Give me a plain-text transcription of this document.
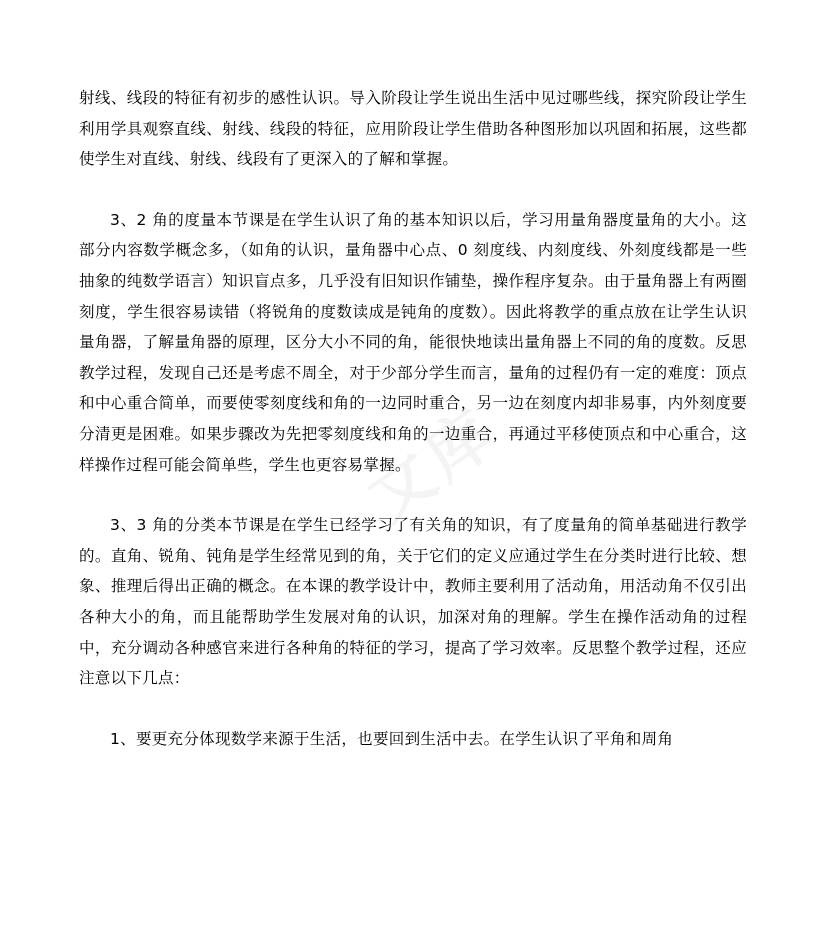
射线、线段的特征有初步的感性认识。导入阶段让学生说出生活中见过哪些线，探究阶段让学生利用学具观察直线、射线、线段的特征，应用阶段让学生借助各种图形加以巩固和拓展，这些都使学生对直线、射线、线段有了更深入的了解和掌握。

3、2 角的度量本节课是在学生认识了角的基本知识以后，学习用量角器度量角的大小。这部分内容数学概念多，（如角的认识，量角器中心点、0 刻度线、内刻度线、外刻度线都是一些抽象的纯数学语言）知识盲点多，几乎没有旧知识作铺垫，操作程序复杂。由于量角器上有两圈刻度，学生很容易读错（将锐角的度数读成是钝角的度数）。因此将教学的重点放在让学生认识量角器，了解量角器的原理，区分大小不同的角，能很快地读出量角器上不同的角的度数。反思教学过程，发现自己还是考虑不周全，对于少部分学生而言，量角的过程仍有一定的难度：顶点和中心重合简单，而要使零刻度线和角的一边同时重合，另一边在刻度内却非易事，内外刻度要分清更是困难。如果步骤改为先把零刻度线和角的一边重合，再通过平移使顶点和中心重合，这样操作过程可能会简单些，学生也更容易掌握。

3、3 角的分类本节课是在学生已经学习了有关角的知识，有了度量角的简单基础进行教学的。直角、锐角、钝角是学生经常见到的角，关于它们的定义应通过学生在分类时进行比较、想象、推理后得出正确的概念。在本课的教学设计中，教师主要利用了活动角，用活动角不仅引出各种大小的角，而且能帮助学生发展对角的认识，加深对角的理解。学生在操作活动角的过程中，充分调动各种感官来进行各种角的特征的学习，提高了学习效率。反思整个教学过程，还应注意以下几点：

1、要更充分体现数学来源于生活，也要回到生活中去。在学生认识了平角和周角
